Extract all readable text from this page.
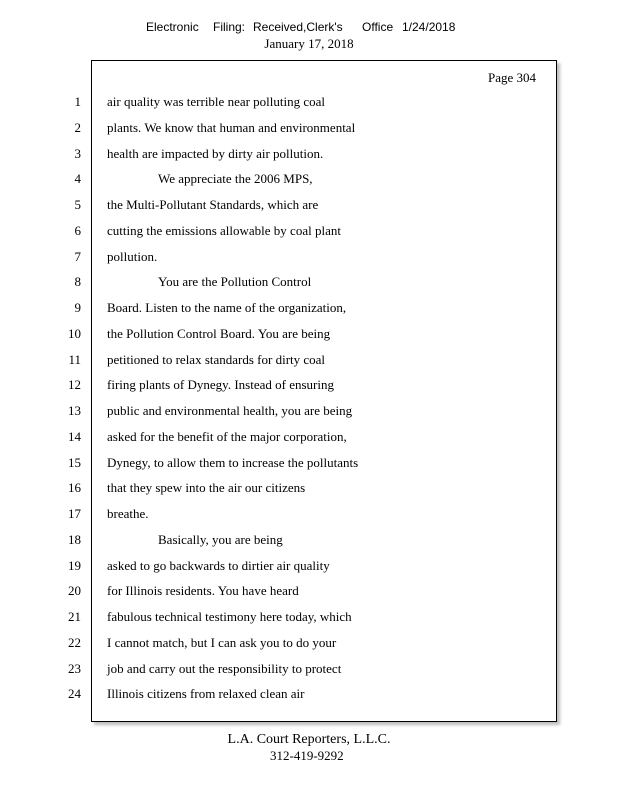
Electronic Filing: Received,Clerk's Office 1/24/2018
January 17, 2018
Page 304
1 air quality was terrible near polluting coal
2 plants. We know that human and environmental
3 health are impacted by dirty air pollution.
4	We appreciate the 2006 MPS,
5 the Multi-Pollutant Standards, which are
6 cutting the emissions allowable by coal plant
7 pollution.
8	You are the Pollution Control
9 Board. Listen to the name of the organization,
10 the Pollution Control Board. You are being
11 petitioned to relax standards for dirty coal
12 firing plants of Dynegy. Instead of ensuring
13 public and environmental health, you are being
14 asked for the benefit of the major corporation,
15 Dynegy, to allow them to increase the pollutants
16 that they spew into the air our citizens
17 breathe.
18	Basically, you are being
19 asked to go backwards to dirtier air quality
20 for Illinois residents. You have heard
21 fabulous technical testimony here today, which
22 I cannot match, but I can ask you to do your
23 job and carry out the responsibility to protect
24 Illinois citizens from relaxed clean air
L.A. Court Reporters, L.L.C.
312-419-9292
